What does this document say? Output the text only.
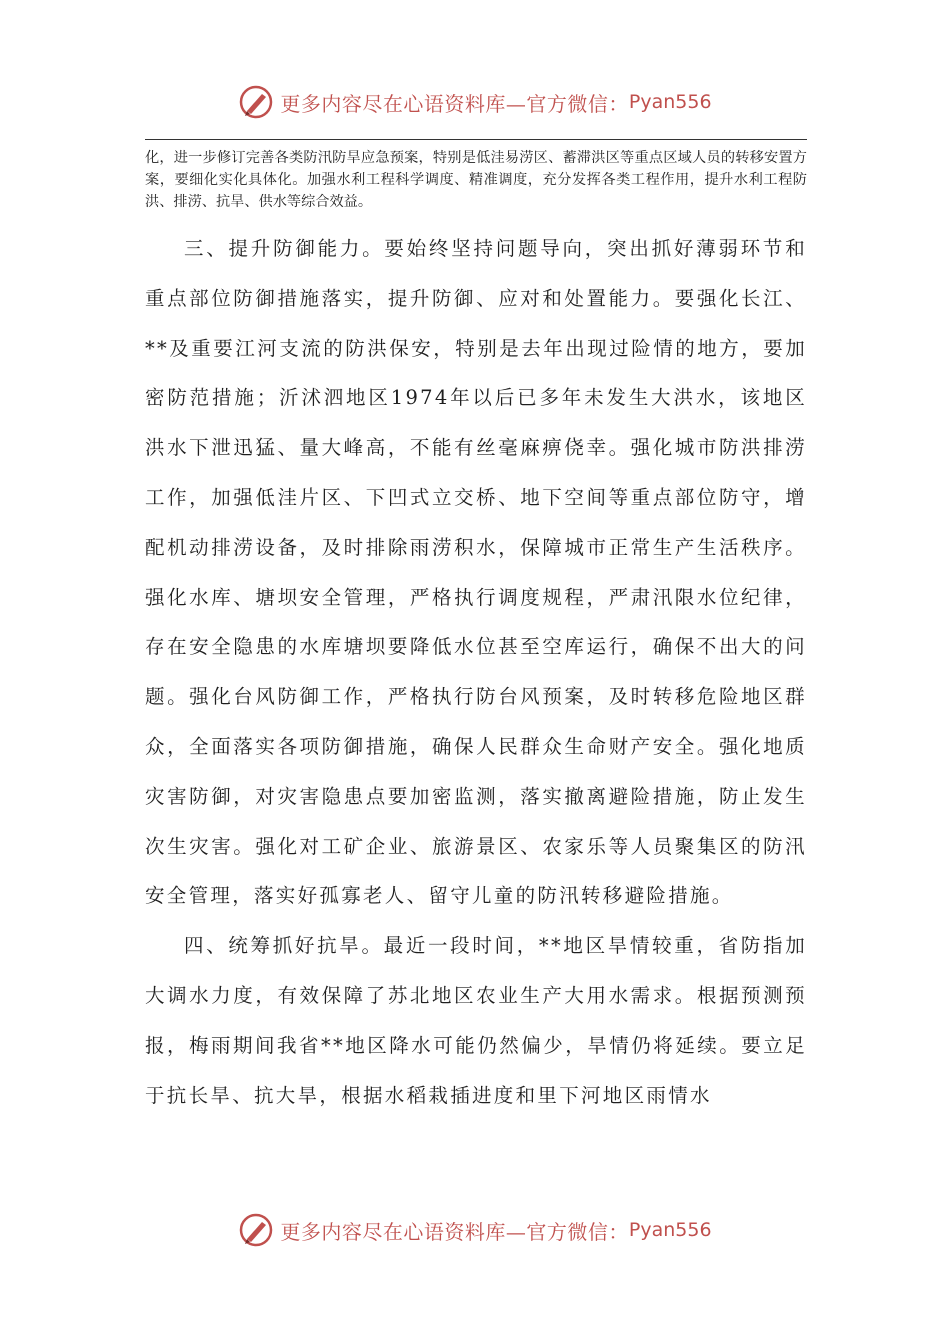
更多内容尽在心语资料库—官方微信： Pyan556

化，进一步修订完善各类防汛防旱应急预案，特别是低洼易涝区、蓄滞洪区等重点区域人员的转移安置方案，要细化实化具体化。加强水利工程科学调度、精准调度，充分发挥各类工程作用，提升水利工程防洪、排涝、抗旱、供水等综合效益。

三、提升防御能力。要始终坚持问题导向，突出抓好薄弱环节和重点部位防御措施落实，提升防御、应对和处置能力。要强化长江、**及重要江河支流的防洪保安，特别是去年出现过险情的地方，要加密防范措施；沂沭泗地区1974年以后已多年未发生大洪水，该地区洪水下泄迅猛、量大峰高，不能有丝毫麻痹侥幸。强化城市防洪排涝工作，加强低洼片区、下凹式立交桥、地下空间等重点部位防守，增配机动排涝设备，及时排除雨涝积水，保障城市正常生产生活秩序。强化水库、塘坝安全管理，严格执行调度规程，严肃汛限水位纪律，存在安全隐患的水库塘坝要降低水位甚至空库运行，确保不出大的问题。强化台风防御工作，严格执行防台风预案，及时转移危险地区群众，全面落实各项防御措施，确保人民群众生命财产安全。强化地质灾害防御，对灾害隐患点要加密监测，落实撤离避险措施，防止发生次生灾害。强化对工矿企业、旅游景区、农家乐等人员聚集区的防汛安全管理，落实好孤寡老人、留守儿童的防汛转移避险措施。

四、统筹抓好抗旱。最近一段时间，**地区旱情较重，省防指加大调水力度，有效保障了苏北地区农业生产大用水需求。根据预测预报，梅雨期间我省**地区降水可能仍然偏少，旱情仍将延续。要立足于抗长旱、抗大旱，根据水稻栽插进度和里下河地区雨情水

更多内容尽在心语资料库—官方微信： Pyan556
